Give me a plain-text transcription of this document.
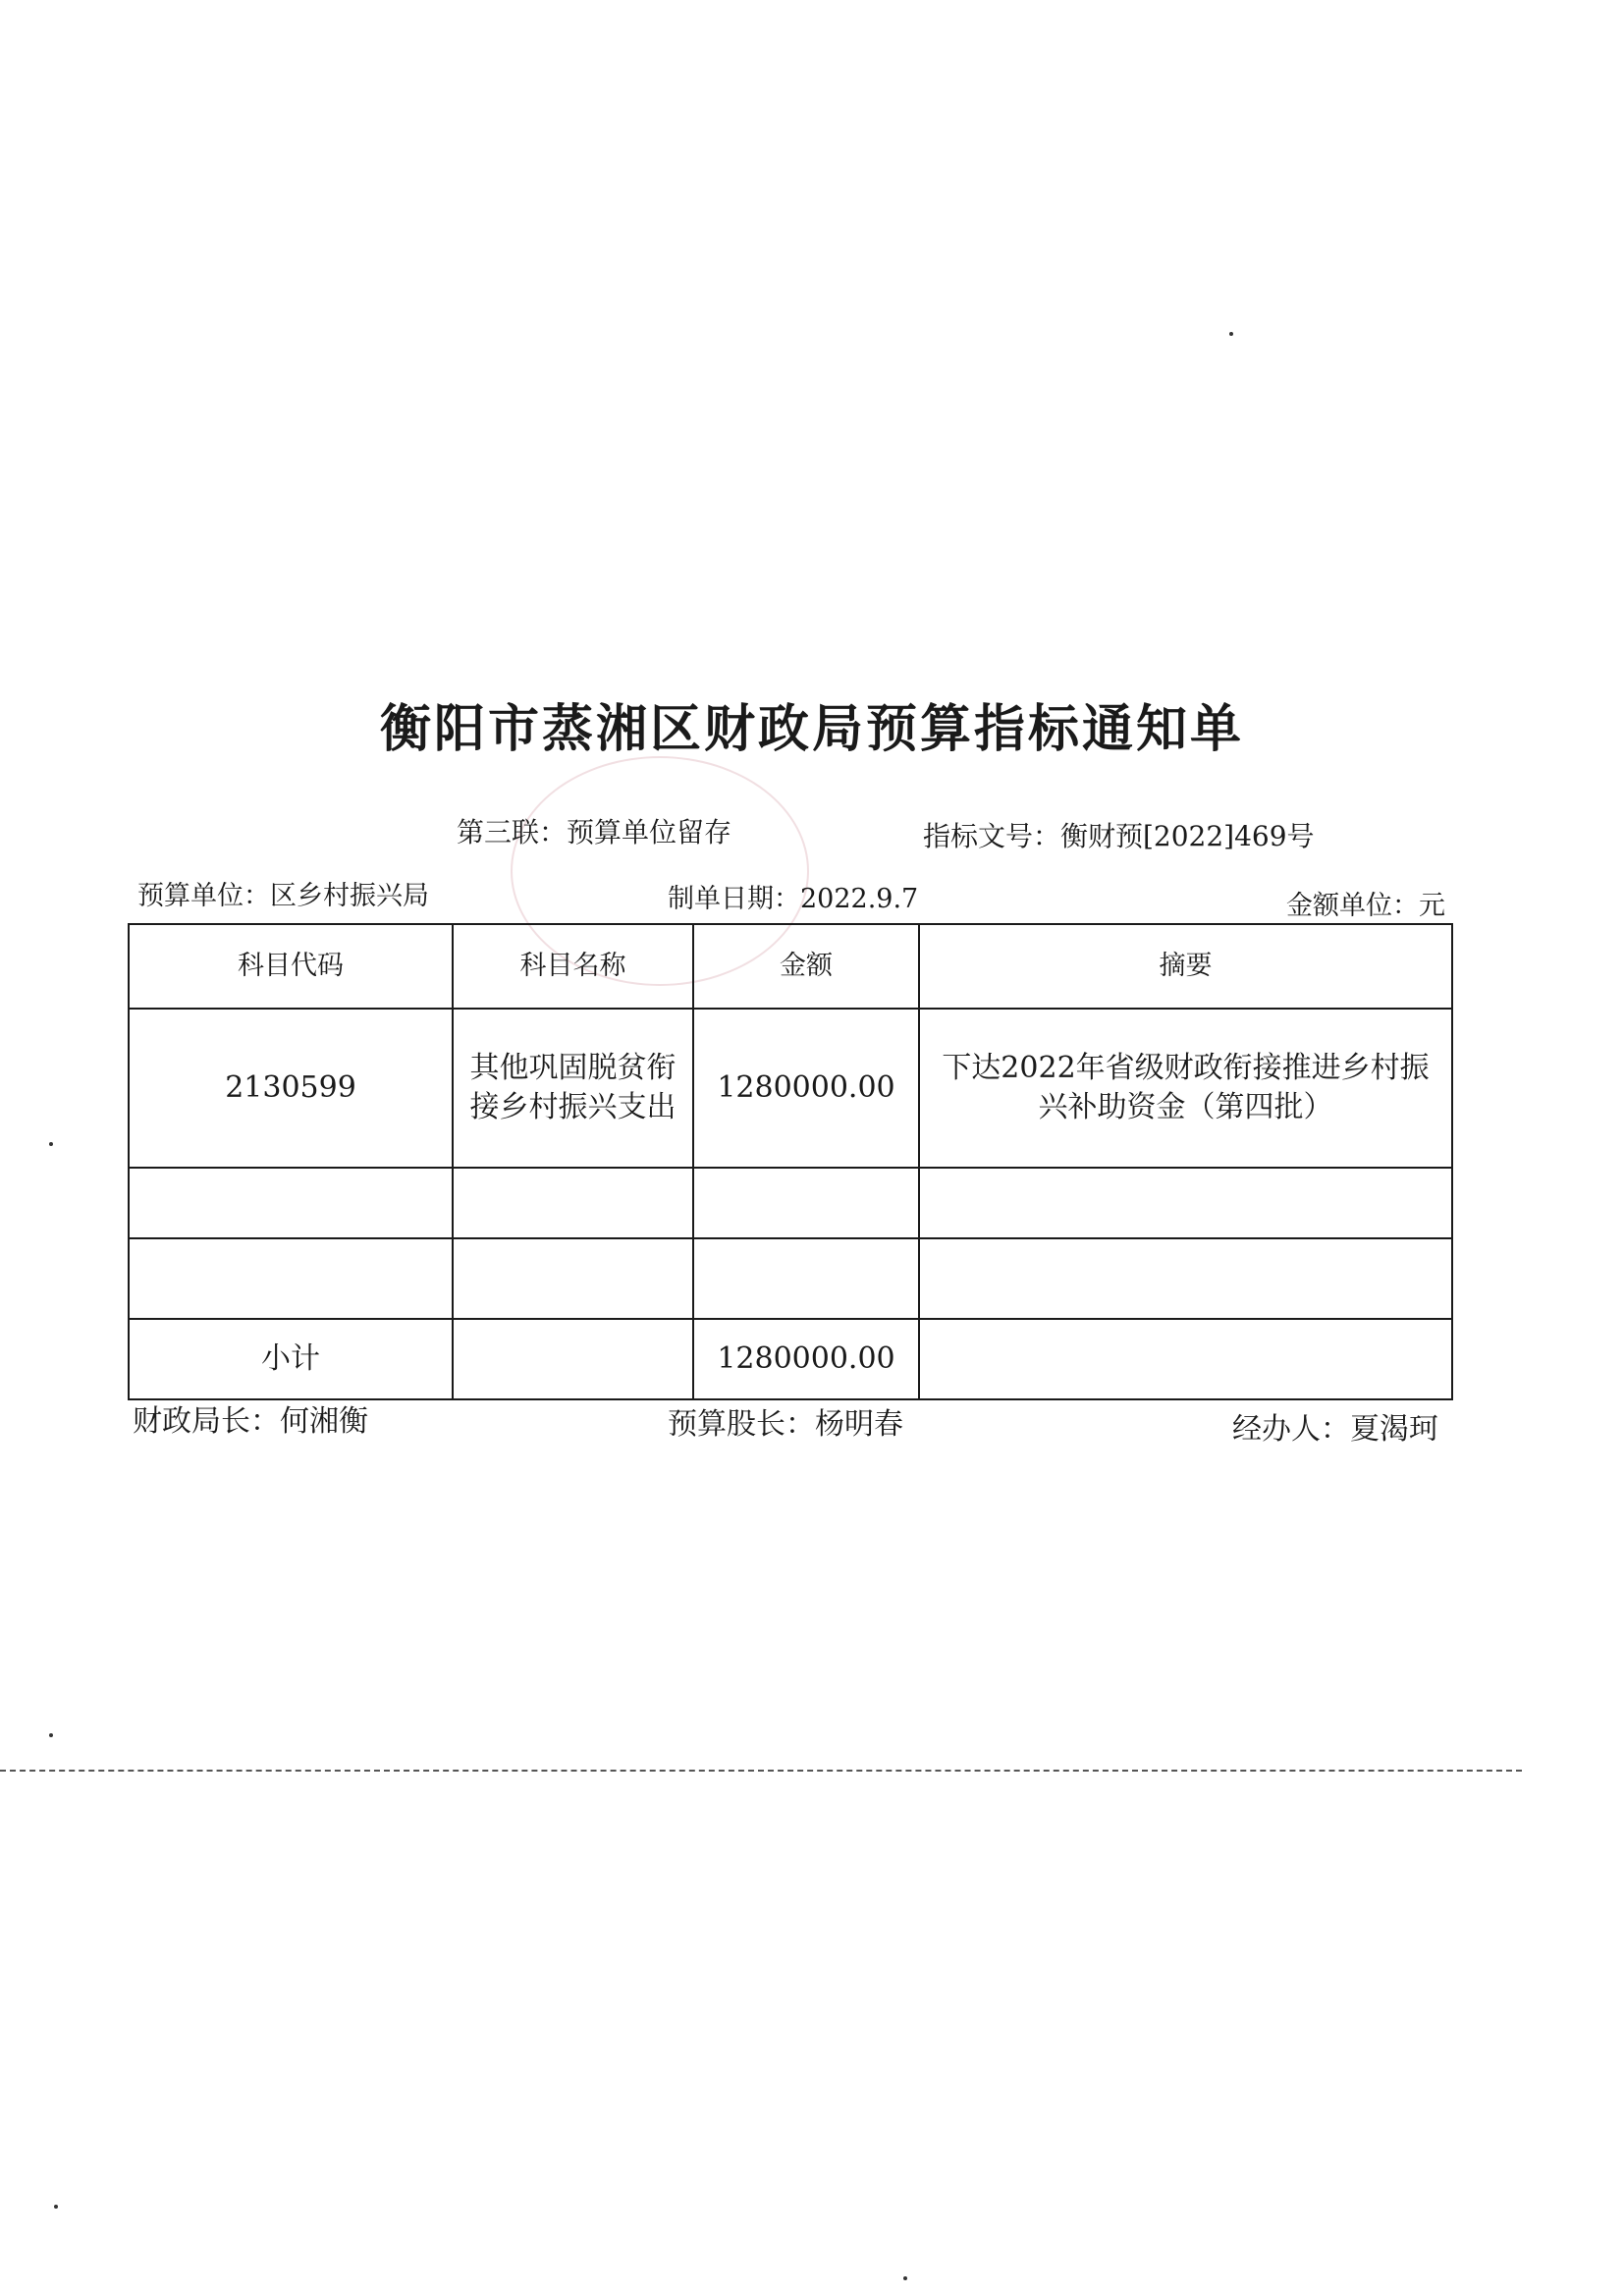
衡阳市蒸湘区财政局预算指标通知单
第三联：预算单位留存	指标文号：衡财预[2022]469号
预算单位：区乡村振兴局	制单日期：2022.9.7	金额单位：元
科目代码	科目名称	金额	摘要
2130599	其他巩固脱贫衔接乡村振兴支出	1280000.00	下达2022年省级财政衔接推进乡村振兴补助资金（第四批）

小计		1280000.00	
财政局长：何湘衡	预算股长：杨明春	经办人：夏渴珂
